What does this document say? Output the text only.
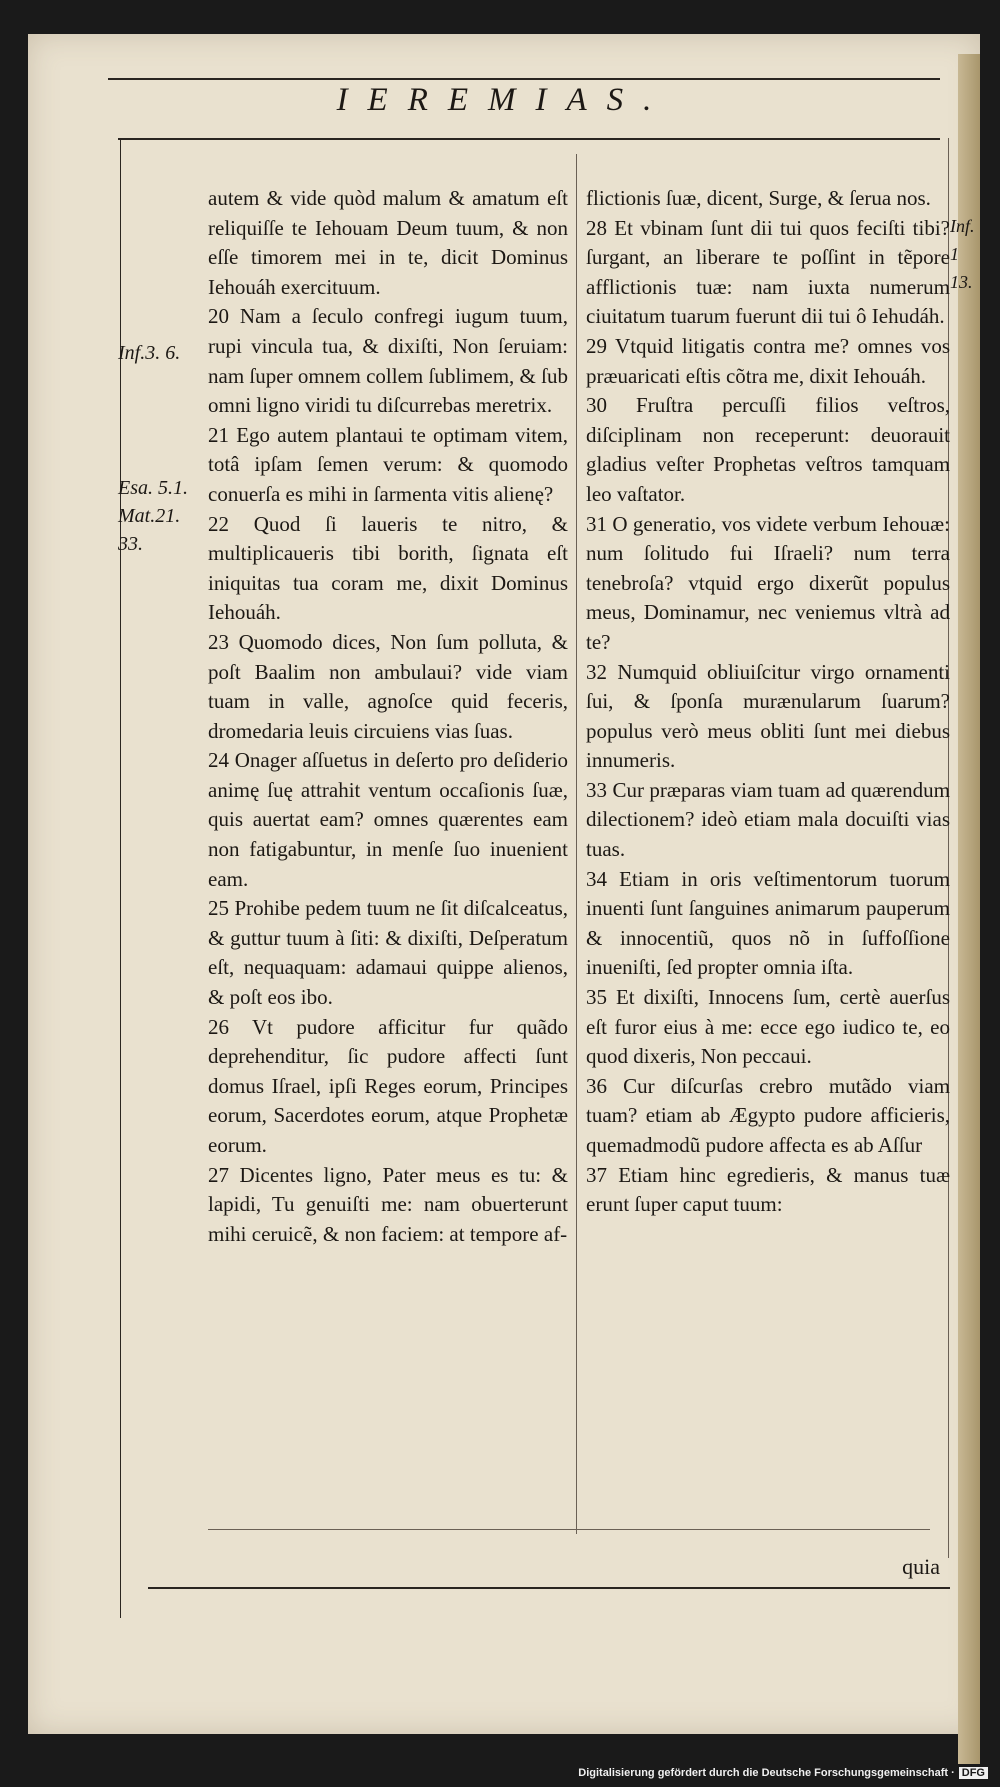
IEREMIAS.
Inf.3. 6.
Esa. 5.1.
Mat.21.
33.
Inf. 1
13.

autem & vide quòd malum & amatum eſt reliquiſſe te Iehouam Deum tuum, & non eſſe timorem mei in te, dicit Dominus Iehouáh exercituum.

20 Nam a ſeculo confregi iugum tuum, rupi vincula tua, & dixiſti, Non ſeruiam: nam ſuper omnem collem ſublimem, & ſub omni ligno viridi tu diſcurrebas meretrix.

21 Ego autem plantaui te optimam vitem, totâ ipſam ſemen verum: & quomodo conuerſa es mihi in ſarmenta vitis alienę?

22 Quod ſi laueris te nitro, & multiplicaueris tibi borith, ſignata eſt iniquitas tua coram me, dixit Dominus Iehouáh.

23 Quomodo dices, Non ſum polluta, & poſt Baalim non ambulaui? vide viam tuam in valle, agnoſce quid feceris, dromedaria leuis circuiens vias ſuas.

24 Onager aſſuetus in deſerto pro deſiderio animę ſuę attrahit ventum occaſionis ſuæ, quis auertat eam? omnes quærentes eam non fatigabuntur, in menſe ſuo inuenient eam.

25 Prohibe pedem tuum ne ſit diſcalceatus, & guttur tuum à ſiti: & dixiſti, Deſperatum eſt, nequaquam: adamaui quippe alienos, & poſt eos ibo.

26 Vt pudore afficitur fur quãdo deprehenditur, ſic pudore affecti ſunt domus Iſrael, ipſi Reges eorum, Principes eorum, Sacerdotes eorum, atque Prophetæ eorum.

27 Dicentes ligno, Pater meus es tu: & lapidi, Tu genuiſti me: nam obuerterunt mihi ceruicẽ, & non faciem: at tempore af-

flictionis ſuæ, dicent, Surge, & ſerua nos.

28 Et vbinam ſunt dii tui quos feciſti tibi? ſurgant, an liberare te poſſint in tẽpore afflictionis tuæ: nam iuxta numerum ciuitatum tuarum fuerunt dii tui ô Iehudáh.

29 Vtquid litigatis contra me? omnes vos præuaricati eſtis cõtra me, dixit Iehouáh.

30 Fruſtra percuſſi filios veſtros, diſciplinam non receperunt: deuorauit gladius veſter Prophetas veſtros tamquam leo vaſtator.

31 O generatio, vos videte verbum Iehouæ: num ſolitudo fui Iſraeli? num terra tenebroſa? vtquid ergo dixerũt populus meus, Dominamur, nec veniemus vltrà ad te?

32 Numquid obliuiſcitur virgo ornamenti ſui, & ſponſa murænularum ſuarum? populus verò meus obliti ſunt mei diebus innumeris.

33 Cur præparas viam tuam ad quærendum dilectionem? ideò etiam mala docuiſti vias tuas.

34 Etiam in oris veſtimentorum tuorum inuenti ſunt ſanguines animarum pauperum & innocentiũ, quos nõ in ſuffoſſione inueniſti, ſed propter omnia iſta.

35 Et dixiſti, Innocens ſum, certè auerſus eſt furor eius à me: ecce ego iudico te, eo quod dixeris, Non peccaui.

36 Cur diſcurſas crebro mutãdo viam tuam? etiam ab Ægypto pudore afficieris, quemadmodũ pudore affecta es ab Aſſur

37 Etiam hinc egredieris, & manus tuæ erunt ſuper caput tuum:

quia
Digitalisierung gefördert durch die Deutsche Forschungsgemeinschaft · DFG
